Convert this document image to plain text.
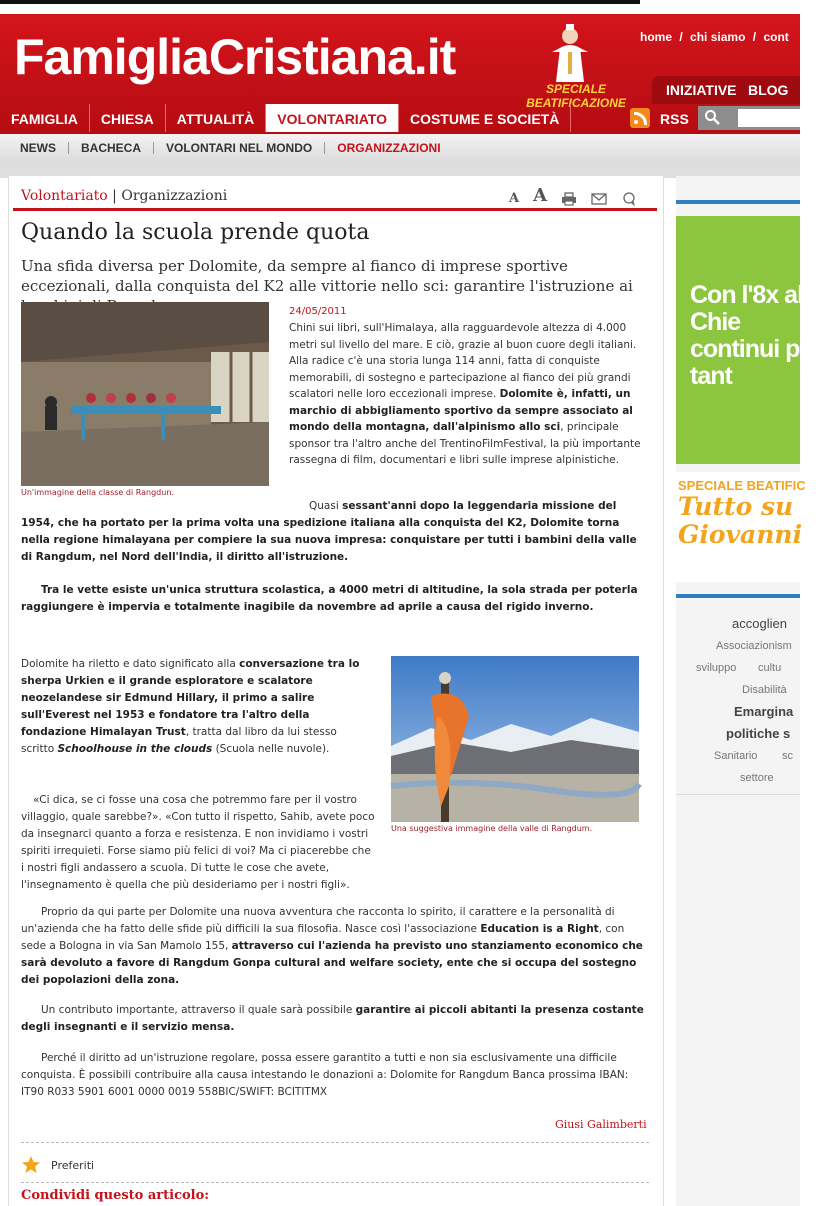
FamigliaCristiana.it	home / chi siamo / cont
SPECIALE
BEATIFICAZIONE
INIZIATIVE BLOG
FAMIGLIA	CHIESA	ATTUALITÀ	VOLONTARIATO	COSTUME E SOCIETÀ	RSS
NEWS	BACHECA	VOLONTARI NEL MONDO	ORGANIZZAZIONI
Volontariato | Organizzazioni	A A
Quando la scuola prende quota
Una sfida diversa per Dolomite, da sempre al fianco di imprese sportive eccezionali, dalla conquista del K2 alle vittorie nello sci: garantire l'istruzione ai
Un'immagine della classe di Rangdun.
24/05/2011
Chini sui libri, sull'Himalaya, alla ragguardevole altezza di 4.000 metri sul livello del mare. E ciò, grazie al buon cuore degli italiani. Alla radice c'è una storia lunga 114 anni, fatta di conquiste memorabili, di sostegno e partecipazione al fianco dei più grandi scalatori nelle loro eccezionali imprese. Dolomite è, infatti, un marchio di abbigliamento sportivo da sempre associato al mondo della montagna, dall'alpinismo allo sci, principale sponsor tra l'altro anche del TrentinoFilmFestival, la più importante rassegna di film, documentari e libri sulle imprese alpinistiche.
Quasi sessant'anni dopo la leggendaria missione del 1954, che ha portato per la prima volta una spedizione italiana alla conquista del K2, Dolomite torna nella regione himalayana per compiere la sua nuova impresa: conquistare per tutti i bambini della valle di Rangdum, nel Nord dell'India, il diritto all'istruzione.
Tra le vette esiste un'unica struttura scolastica, a 4000 metri di altitudine, la sola strada per poterla raggiungere è impervia e totalmente inagibile da novembre ad aprile a causa del rigido inverno.
Dolomite ha riletto e dato significato alla conversazione tra lo sherpa Urkien e il grande esploratore e scalatore neozelandese sir Edmund Hillary, il primo a salire sull'Everest nel 1953 e fondatore tra l'altro della fondazione Himalayan Trust, tratta dal libro da lui stesso scritto Schoolhouse in the clouds (Scuola nelle nuvole).
Una suggestiva immagine della valle di Rangdum.
«Ci dica, se ci fosse una cosa che potremmo fare per il vostro villaggio, quale sarebbe?». «Con tutto il rispetto, Sahib, avete poco da insegnarci quanto a forza e resistenza. E non invidiamo i vostri spiriti irrequieti. Forse siamo più felici di voi? Ma ci piacerebbe che i nostri figli andassero a scuola. Di tutte le cose che avete, l'insegnamento è quella che più desideriamo per i nostri figli».
Proprio da qui parte per Dolomite una nuova avventura che racconta lo spirito, il carattere e la personalità di un'azienda che ha fatto delle sfide più difficili la sua filosofia. Nasce così l'associazione Education is a Right, con sede a Bologna in via San Mamolo 155, attraverso cui l'azienda ha previsto uno stanziamento economico che sarà devoluto a favore di Rangdum Gonpa cultural and welfare society, ente che si occupa del sostegno dei popolazioni della zona.
Un contributo importante, attraverso il quale sarà possibile garantire ai piccoli abitanti la presenza costante degli insegnanti e il servizio mensa.
Perché il diritto ad un'istruzione regolare, possa essere garantito a tutti e non sia esclusivamente una difficile conquista. È possibili contribuire alla causa intestando le donazioni a: Dolomite for Rangdum Banca prossima IBAN: IT90 R033 5901 6001 0000 0019 558BIC/SWIFT: BCITITMX
Giusi Galimberti
Preferiti
Condividi questo articolo:
Con l'8x alla Chie continui per tant
SPECIALE BEATIFIC
Tutto su
Giovanni
accoglien
Associazionism
sviluppo cultu
Disabilità
Emargina
politiche s
Sanitario sc
settore
